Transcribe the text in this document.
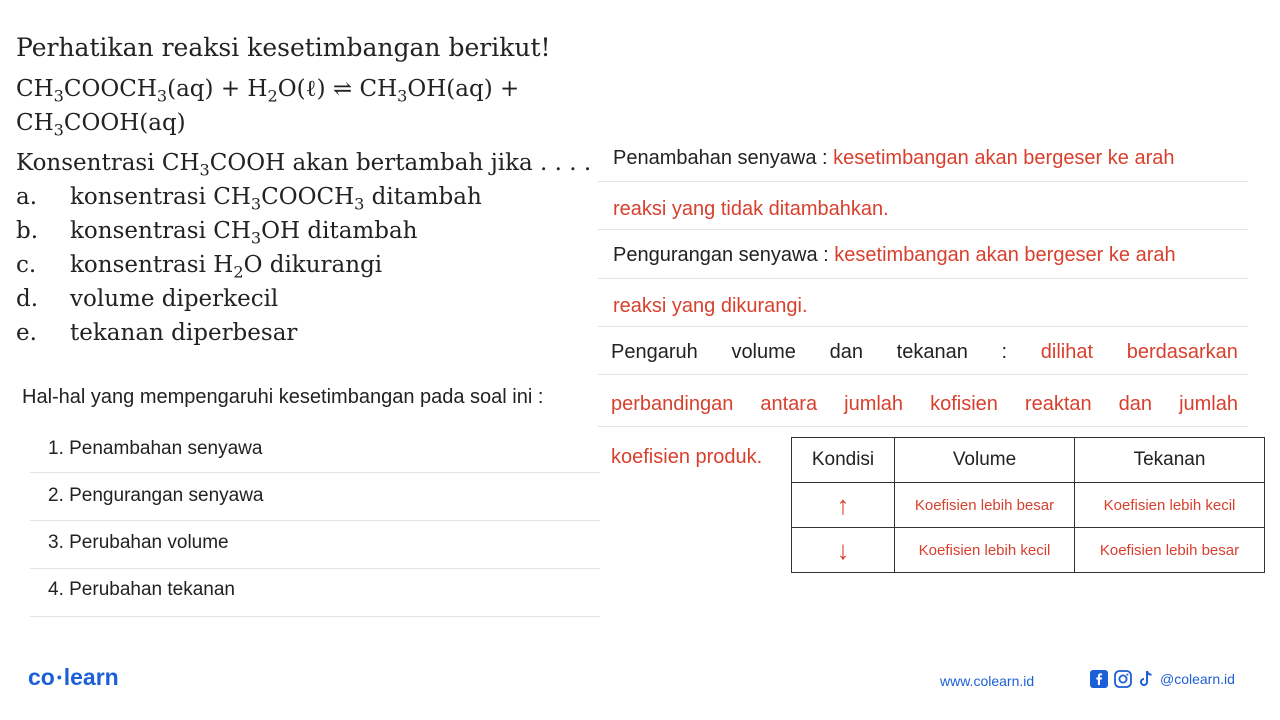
Perhatikan reaksi kesetimbangan berikut!
$CH_3COOCH_3(aq)$ + $H_2O(\ell)$ ⇌ $CH_3OH(aq)$ +
$CH_3COOH(aq)$
Konsentrasi $CH_3COOH$ akan bertambah jika . . . .
a. konsentrasi $CH_3COOCH_3$ ditambah
b. konsentrasi $CH_3OH$ ditambah
c. konsentrasi $H_2O$ dikurangi
d. volume diperkecil
e. tekanan diperbesar
Hal-hal yang mempengaruhi kesetimbangan pada soal ini :
1. Penambahan senyawa
2. Pengurangan senyawa
3. Perubahan volume
4. Perubahan tekanan
Penambahan senyawa : kesetimbangan akan bergeser ke arah
reaksi yang tidak ditambahkan.
Pengurangan senyawa : kesetimbangan akan bergeser ke arah
reaksi yang dikurangi.
Pengaruh volume dan tekanan : dilihat berdasarkan
perbandingan antara jumlah kofisien reaktan dan jumlah
koefisien produk.	Kondisi	Volume	Tekanan
↑	Koefisien lebih besar	Koefisien lebih kecil
↓	Koefisien lebih kecil	Koefisien lebih besar
co •learn	www.colearn.id	@colearn.id
